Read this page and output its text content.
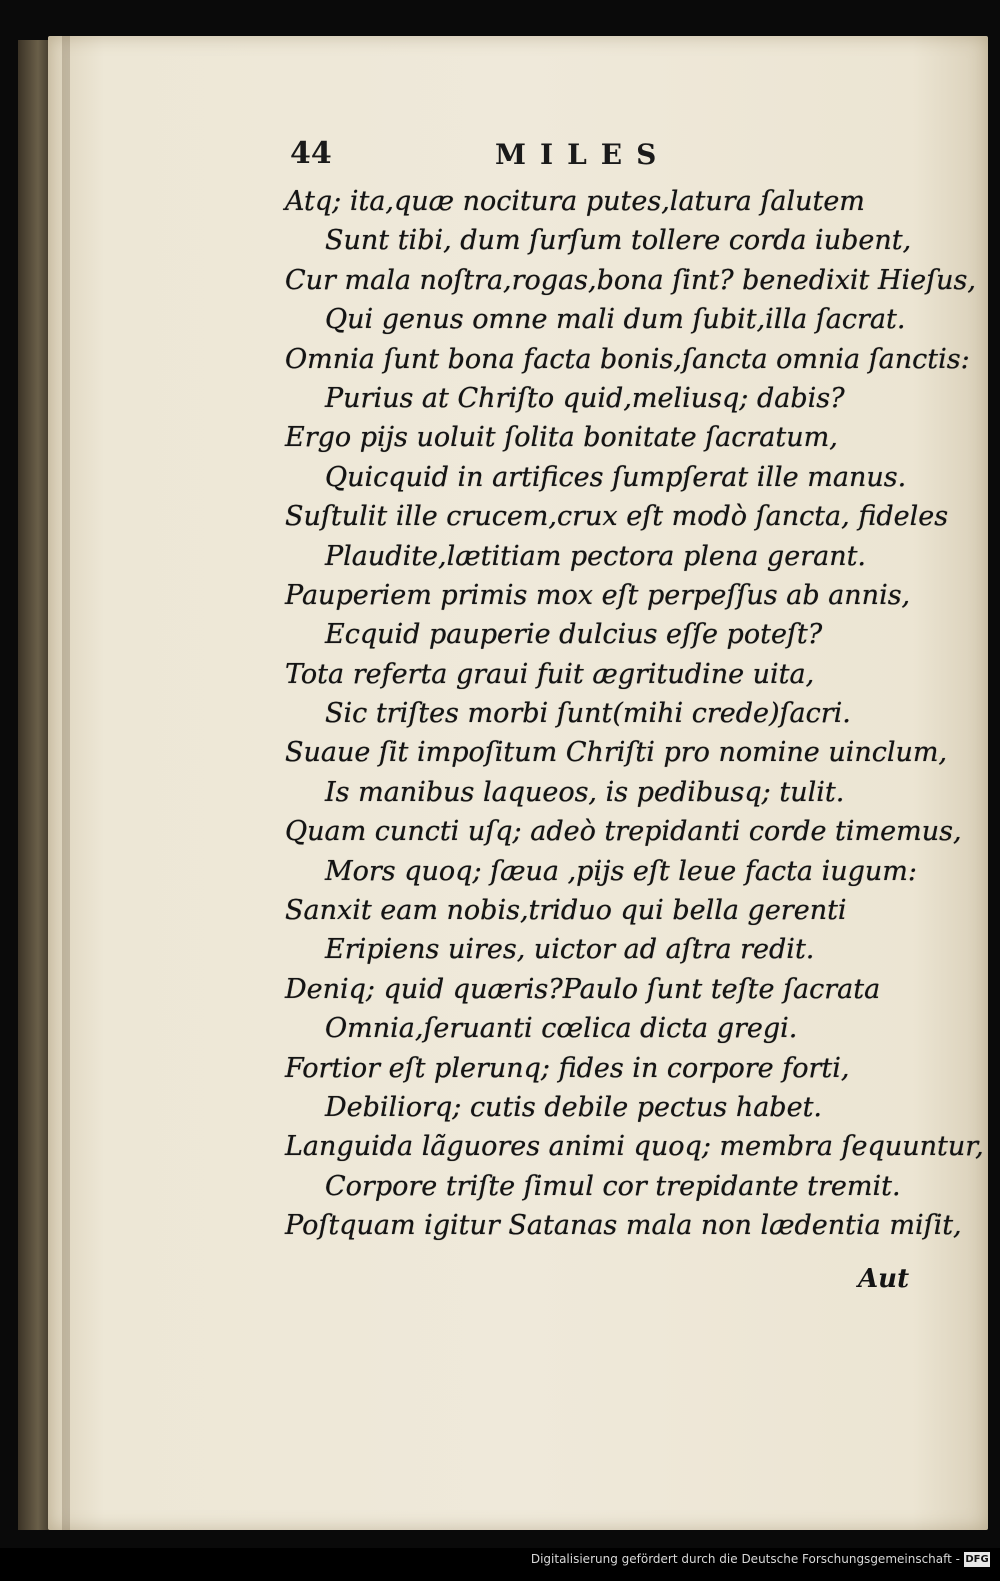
44	MILES
Atq; ita,quæ nocitura putes,latura ſalutem
Sunt tibi, dum ſurſum tollere corda iubent,
Cur mala noſtra,rogas,bona ſint? benedixit Hieſus,
Qui genus omne mali dum ſubit,illa ſacrat.
Omnia ſunt bona facta bonis,ſancta omnia ſanctis:
Purius at Chriſto quid,meliusq; dabis?
Ergo pijs uoluit ſolita bonitate ſacratum,
Quicquid in artifices ſumpſerat ille manus.
Suſtulit ille crucem,crux eſt modò ſancta, fideles
Plaudite,lætitiam pectora plena gerant.
Pauperiem primis mox eſt perpeſſus ab annis,
Ecquid pauperie dulcius eſſe poteſt?
Tota referta graui fuit ægritudine uita,
Sic triſtes morbi ſunt(mihi crede)ſacri.
Suaue ſit impoſitum Chriſti pro nomine uinclum,
Is manibus laqueos, is pedibusq; tulit.
Quam cuncti uſq; adeò trepidanti corde timemus,
Mors quoq; ſæua ,pijs eſt leue facta iugum:
Sanxit eam nobis,triduo qui bella gerenti
Eripiens uires, uictor ad aſtra redit.
Deniq; quid quæris?Paulo ſunt teſte ſacrata
Omnia,ſeruanti cœlica dicta gregi.
Fortior eſt plerunq; fides in corpore forti,
Debiliorq; cutis debile pectus habet.
Languida lãguores animi quoq; membra ſequuntur,
Corpore triſte ſimul cor trepidante tremit.
Poſtquam igitur Satanas mala non lædentia miſit,
Aut
Digitalisierung gefördert durch die Deutsche Forschungsgemeinschaft - DFG
